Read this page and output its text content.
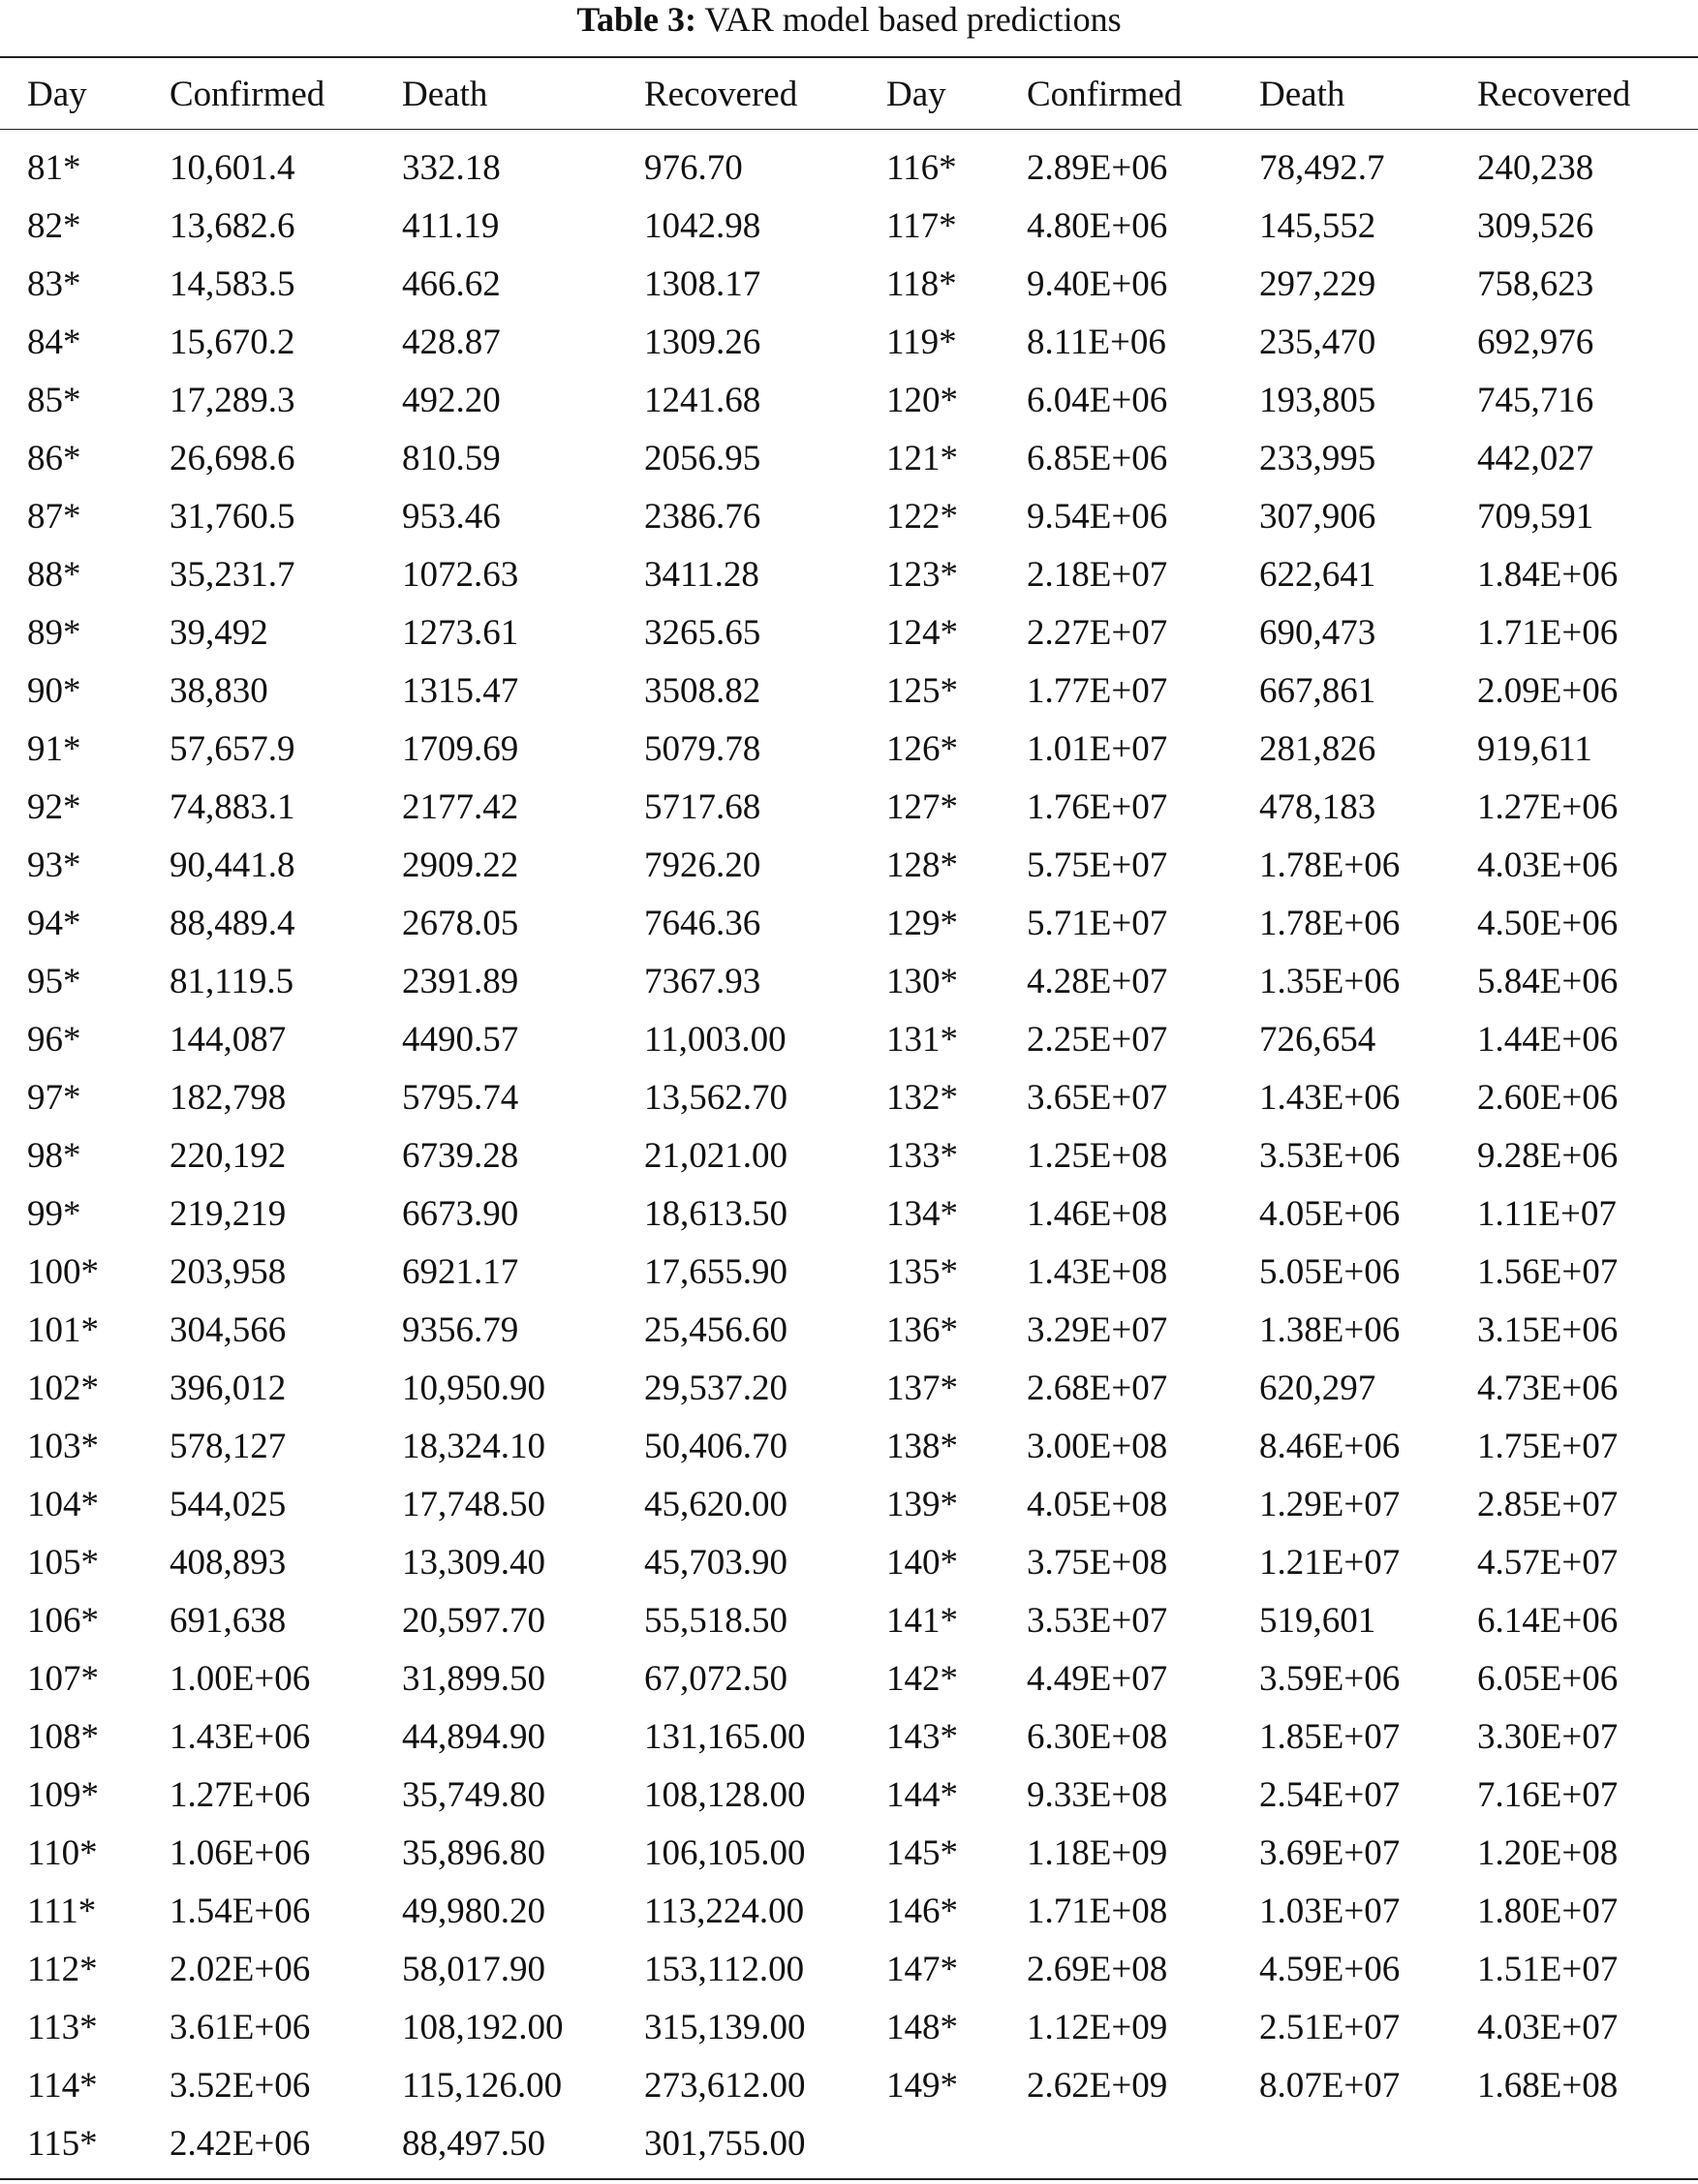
Table 3: VAR model based predictions
Day	Confirmed	Death	Recovered	Day	Confirmed	Death	Recovered
81*	10,601.4	332.18	976.70	116*	2.89E+06	78,492.7	240,238
82*	13,682.6	411.19	1042.98	117*	4.80E+06	145,552	309,526
83*	14,583.5	466.62	1308.17	118*	9.40E+06	297,229	758,623
84*	15,670.2	428.87	1309.26	119*	8.11E+06	235,470	692,976
85*	17,289.3	492.20	1241.68	120*	6.04E+06	193,805	745,716
86*	26,698.6	810.59	2056.95	121*	6.85E+06	233,995	442,027
87*	31,760.5	953.46	2386.76	122*	9.54E+06	307,906	709,591
88*	35,231.7	1072.63	3411.28	123*	2.18E+07	622,641	1.84E+06
89*	39,492	1273.61	3265.65	124*	2.27E+07	690,473	1.71E+06
90*	38,830	1315.47	3508.82	125*	1.77E+07	667,861	2.09E+06
91*	57,657.9	1709.69	5079.78	126*	1.01E+07	281,826	919,611
92*	74,883.1	2177.42	5717.68	127*	1.76E+07	478,183	1.27E+06
93*	90,441.8	2909.22	7926.20	128*	5.75E+07	1.78E+06	4.03E+06
94*	88,489.4	2678.05	7646.36	129*	5.71E+07	1.78E+06	4.50E+06
95*	81,119.5	2391.89	7367.93	130*	4.28E+07	1.35E+06	5.84E+06
96*	144,087	4490.57	11,003.00	131*	2.25E+07	726,654	1.44E+06
97*	182,798	5795.74	13,562.70	132*	3.65E+07	1.43E+06	2.60E+06
98*	220,192	6739.28	21,021.00	133*	1.25E+08	3.53E+06	9.28E+06
99*	219,219	6673.90	18,613.50	134*	1.46E+08	4.05E+06	1.11E+07
100*	203,958	6921.17	17,655.90	135*	1.43E+08	5.05E+06	1.56E+07
101*	304,566	9356.79	25,456.60	136*	3.29E+07	1.38E+06	3.15E+06
102*	396,012	10,950.90	29,537.20	137*	2.68E+07	620,297	4.73E+06
103*	578,127	18,324.10	50,406.70	138*	3.00E+08	8.46E+06	1.75E+07
104*	544,025	17,748.50	45,620.00	139*	4.05E+08	1.29E+07	2.85E+07
105*	408,893	13,309.40	45,703.90	140*	3.75E+08	1.21E+07	4.57E+07
106*	691,638	20,597.70	55,518.50	141*	3.53E+07	519,601	6.14E+06
107*	1.00E+06	31,899.50	67,072.50	142*	4.49E+07	3.59E+06	6.05E+06
108*	1.43E+06	44,894.90	131,165.00	143*	6.30E+08	1.85E+07	3.30E+07
109*	1.27E+06	35,749.80	108,128.00	144*	9.33E+08	2.54E+07	7.16E+07
110*	1.06E+06	35,896.80	106,105.00	145*	1.18E+09	3.69E+07	1.20E+08
111*	1.54E+06	49,980.20	113,224.00	146*	1.71E+08	1.03E+07	1.80E+07
112*	2.02E+06	58,017.90	153,112.00	147*	2.69E+08	4.59E+06	1.51E+07
113*	3.61E+06	108,192.00	315,139.00	148*	1.12E+09	2.51E+07	4.03E+07
114*	3.52E+06	115,126.00	273,612.00	149*	2.62E+09	8.07E+07	1.68E+08
115*	2.42E+06	88,497.50	301,755.00				
